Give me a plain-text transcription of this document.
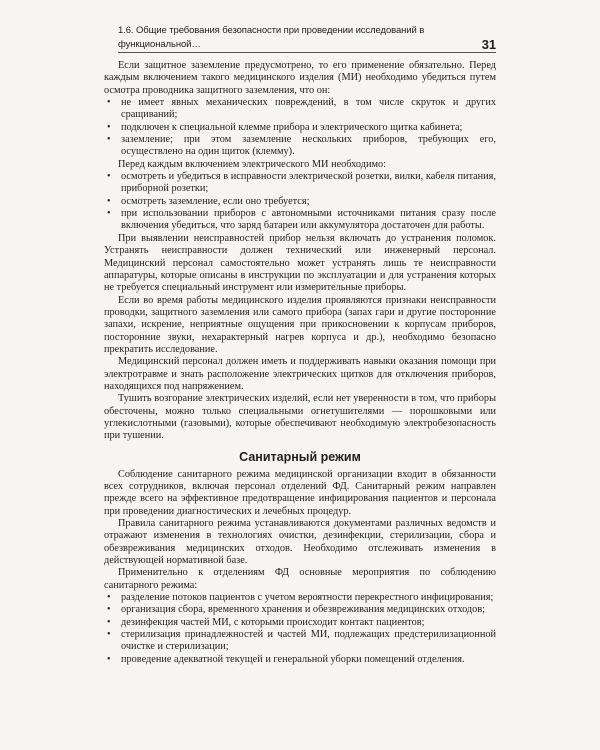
1.6. Общие требования безопасности при проведении исследований в функциональной…	31

Если защитное заземление предусмотрено, то его применение обязательно. Перед каждым включением такого медицинского изделия (МИ) необходимо убедиться путем осмотра проводника защитного заземления, что он:

• не имеет явных механических повреждений, в том числе скруток и других сращиваний;
• подключен к специальной клемме прибора и электрического щитка кабинета;
• заземление; при этом заземление нескольких приборов, требующих его, осуществлено на один щиток (клемму).

Перед каждым включением электрического МИ необходимо:

• осмотреть и убедиться в исправности электрической розетки, вилки, кабеля питания, приборной розетки;
• осмотреть заземление, если оно требуется;
• при использовании приборов с автономными источниками питания сразу после включения убедиться, что заряд батареи или аккумулятора достаточен для работы.

При выявлении неисправностей прибор нельзя включать до устранения поломок. Устранять неисправности должен технический или инженерный персонал. Медицинский персонал самостоятельно может устранять лишь те неисправности аппаратуры, которые описаны в инструкции по эксплуатации и для устранения которых не требуется специальный инструмент или измерительные приборы.

Если во время работы медицинского изделия проявляются признаки неисправности проводки, защитного заземления или самого прибора (запах гари и другие посторонние запахи, искрение, неприятные ощущения при прикосновении к корпусам приборов, посторонние звуки, нехарактерный нагрев корпуса и др.), необходимо безопасно прекратить исследование.

Медицинский персонал должен иметь и поддерживать навыки оказания помощи при электротравме и знать расположение электрических щитков для отключения приборов, находящихся под напряжением.

Тушить возгорание электрических изделий, если нет уверенности в том, что приборы обесточены, можно только специальными огнетушителями — порошковыми или углекислотными (газовыми), которые обеспечивают необходимую электробезопасность при тушении.

Санитарный режим

Соблюдение санитарного режима медицинской организации входит в обязанности всех сотрудников, включая персонал отделений ФД. Санитарный режим направлен прежде всего на эффективное предотвращение инфицирования пациентов и персонала при проведении диагностических и лечебных процедур.

Правила санитарного режима устанавливаются документами различных ведомств и отражают изменения в технологиях очистки, дезинфекции, стерилизации, сбора и обезвреживания медицинских отходов. Необходимо отслеживать изменения в действующей нормативной базе.

Применительно к отделениям ФД основные мероприятия по соблюдению санитарного режима:

• разделение потоков пациентов с учетом вероятности перекрестного инфицирования;
• организация сбора, временного хранения и обезвреживания медицинских отходов;
• дезинфекция частей МИ, с которыми происходит контакт пациентов;
• стерилизация принадлежностей и частей МИ, подлежащих предстерилизационной очистке и стерилизации;
• проведение адекватной текущей и генеральной уборки помещений отделения.
